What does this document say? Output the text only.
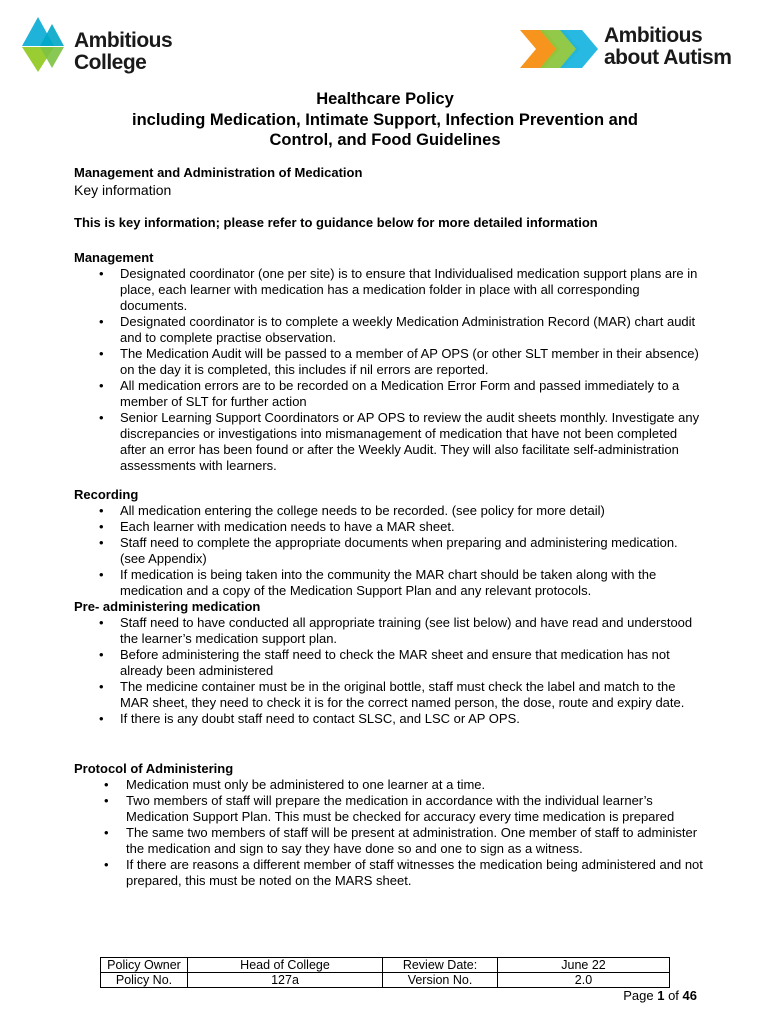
Ambitious
College
Ambitious
about Autism
Healthcare Policy
including Medication, Intimate Support, Infection Prevention and
Control, and Food Guidelines
Management and Administration of Medication
Key information
This is key information; please refer to guidance below for more detailed information
Management
• Designated coordinator (one per site) is to ensure that Individualised medication support plans are in place, each learner with medication has a medication folder in place with all corresponding documents.
• Designated coordinator is to complete a weekly Medication Administration Record (MAR) chart audit and to complete practise observation.
• The Medication Audit will be passed to a member of AP OPS (or other SLT member in their absence) on the day it is completed, this includes if nil errors are reported.
• All medication errors are to be recorded on a Medication Error Form and passed immediately to a member of SLT for further action
• Senior Learning Support Coordinators or AP OPS to review the audit sheets monthly. Investigate any discrepancies or investigations into mismanagement of medication that have not been completed after an error has been found or after the Weekly Audit. They will also facilitate self-administration assessments with learners.
Recording
• All medication entering the college needs to be recorded. (see policy for more detail)
• Each learner with medication needs to have a MAR sheet.
• Staff need to complete the appropriate documents when preparing and administering medication. (see Appendix)
• If medication is being taken into the community the MAR chart should be taken along with the medication and a copy of the Medication Support Plan and any relevant protocols.
Pre- administering medication
• Staff need to have conducted all appropriate training (see list below) and have read and understood the learner’s medication support plan.
• Before administering the staff need to check the MAR sheet and ensure that medication has not already been administered
• The medicine container must be in the original bottle, staff must check the label and match to the MAR sheet, they need to check it is for the correct named person, the dose, route and expiry date.
• If there is any doubt staff need to contact SLSC, and LSC or AP OPS.
Protocol of Administering
• Medication must only be administered to one learner at a time.
• Two members of staff will prepare the medication in accordance with the individual learner’s Medication Support Plan. This must be checked for accuracy every time medication is prepared
• The same two members of staff will be present at administration. One member of staff to administer the medication and sign to say they have done so and one to sign as a witness.
• If there are reasons a different member of staff witnesses the medication being administered and not prepared, this must be noted on the MARS sheet.
Policy Owner	Head of College	Review Date:	June 22
Policy No.	127a	Version No.	2.0
Page 1 of 46
